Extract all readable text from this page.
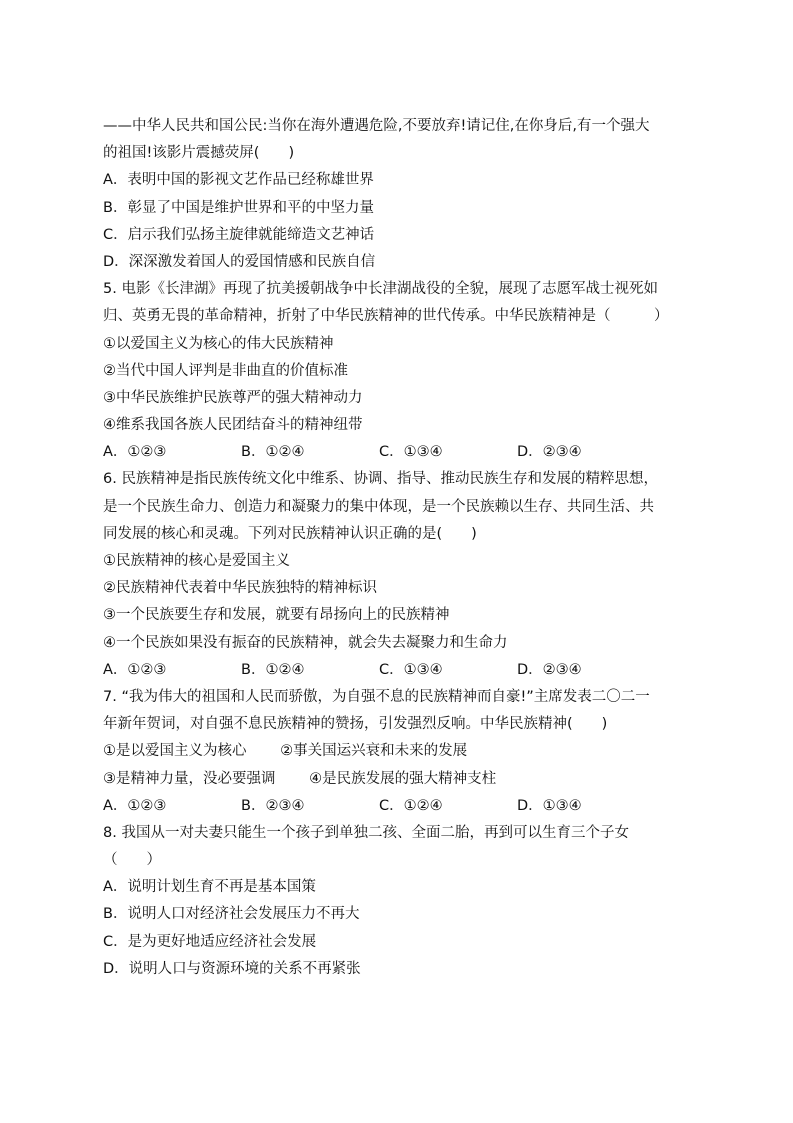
——中华人民共和国公民:当你在海外遭遇危险,不要放弃!请记住,在你身后,有一个强大
的祖国!该影片震撼荧屏(　　)
A．表明中国的影视文艺作品已经称雄世界
B．彰显了中国是维护世界和平的中坚力量
C．启示我们弘扬主旋律就能缔造文艺神话
D．深深激发着国人的爱国情感和民族自信
5. 电影《长津湖》再现了抗美援朝战争中长津湖战役的全貌，展现了志愿军战士视死如
归、英勇无畏的革命精神，折射了中华民族精神的世代传承。中华民族精神是（　　　）
①以爱国主义为核心的伟大民族精神
②当代中国人评判是非曲直的价值标准
③中华民族维护民族尊严的强大精神动力
④维系我国各族人民团结奋斗的精神纽带
A．①②③	B．①②④	C．①③④	D．②③④
6. 民族精神是指民族传统文化中维系、协调、指导、推动民族生存和发展的精粹思想，
是一个民族生命力、创造力和凝聚力的集中体现，是一个民族赖以生存、共同生活、共
同发展的核心和灵魂。下列对民族精神认识正确的是(　　)
①民族精神的核心是爱国主义
②民族精神代表着中华民族独特的精神标识
③一个民族要生存和发展，就要有昂扬向上的民族精神
④一个民族如果没有振奋的民族精神，就会失去凝聚力和生命力
A．①②③	B．①②④	C．①③④	D．②③④
7. “我为伟大的祖国和人民而骄傲，为自强不息的民族精神而自豪!”主席发表二〇二一
年新年贺词，对自强不息民族精神的赞扬，引发强烈反响。中华民族精神(　　)
①是以爱国主义为核心　　 ②事关国运兴衰和未来的发展
③是精神力量，没必要强调　　 ④是民族发展的强大精神支柱
A．①②③	B．②③④	C．①②④	D．①③④
8. 我国从一对夫妻只能生一个孩子到单独二孩、全面二胎，再到可以生育三个子女
（　　）
A．说明计划生育不再是基本国策
B．说明人口对经济社会发展压力不再大
C．是为更好地适应经济社会发展
D．说明人口与资源环境的关系不再紧张
